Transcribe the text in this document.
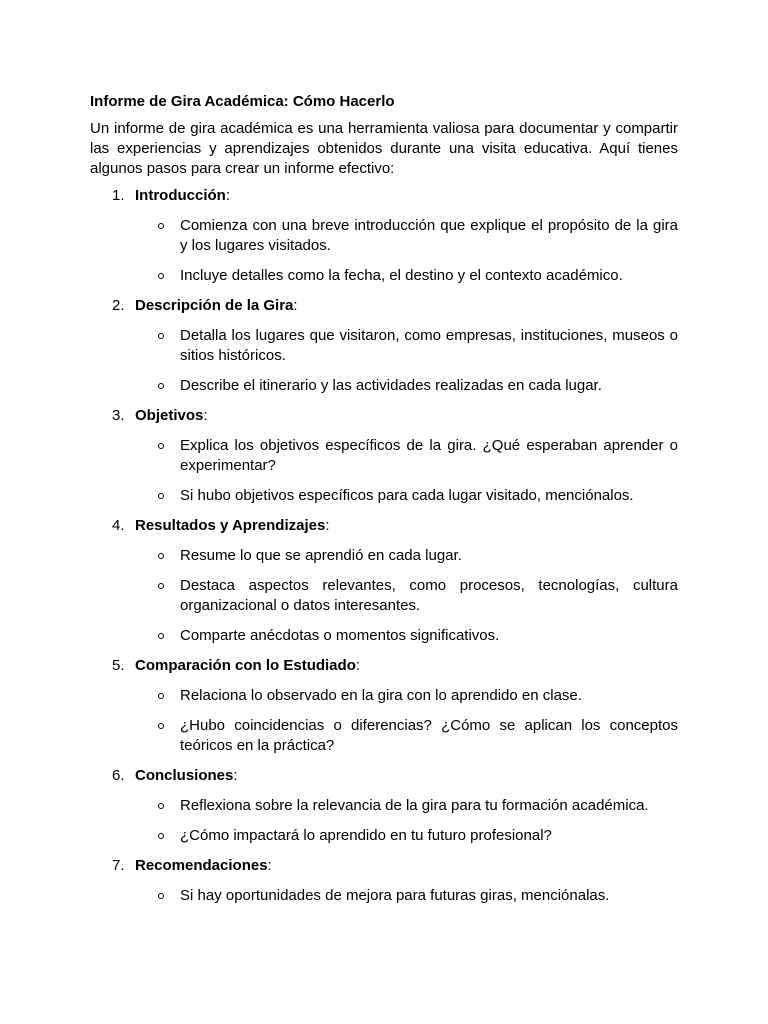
Informe de Gira Académica: Cómo Hacerlo

Un informe de gira académica es una herramienta valiosa para documentar y compartir las experiencias y aprendizajes obtenidos durante una visita educativa. Aquí tienes algunos pasos para crear un informe efectivo:

1. Introducción:
Comienza con una breve introducción que explique el propósito de la gira y los lugares visitados.
Incluye detalles como la fecha, el destino y el contexto académico.
2. Descripción de la Gira:
Detalla los lugares que visitaron, como empresas, instituciones, museos o sitios históricos.
Describe el itinerario y las actividades realizadas en cada lugar.
3. Objetivos:
Explica los objetivos específicos de la gira. ¿Qué esperaban aprender o experimentar?
Si hubo objetivos específicos para cada lugar visitado, menciónalos.
4. Resultados y Aprendizajes:
Resume lo que se aprendió en cada lugar.
Destaca aspectos relevantes, como procesos, tecnologías, cultura organizacional o datos interesantes.
Comparte anécdotas o momentos significativos.
5. Comparación con lo Estudiado:
Relaciona lo observado en la gira con lo aprendido en clase.
¿Hubo coincidencias o diferencias? ¿Cómo se aplican los conceptos teóricos en la práctica?
6. Conclusiones:
Reflexiona sobre la relevancia de la gira para tu formación académica.
¿Cómo impactará lo aprendido en tu futuro profesional?
7. Recomendaciones:
Si hay oportunidades de mejora para futuras giras, menciónalas.
